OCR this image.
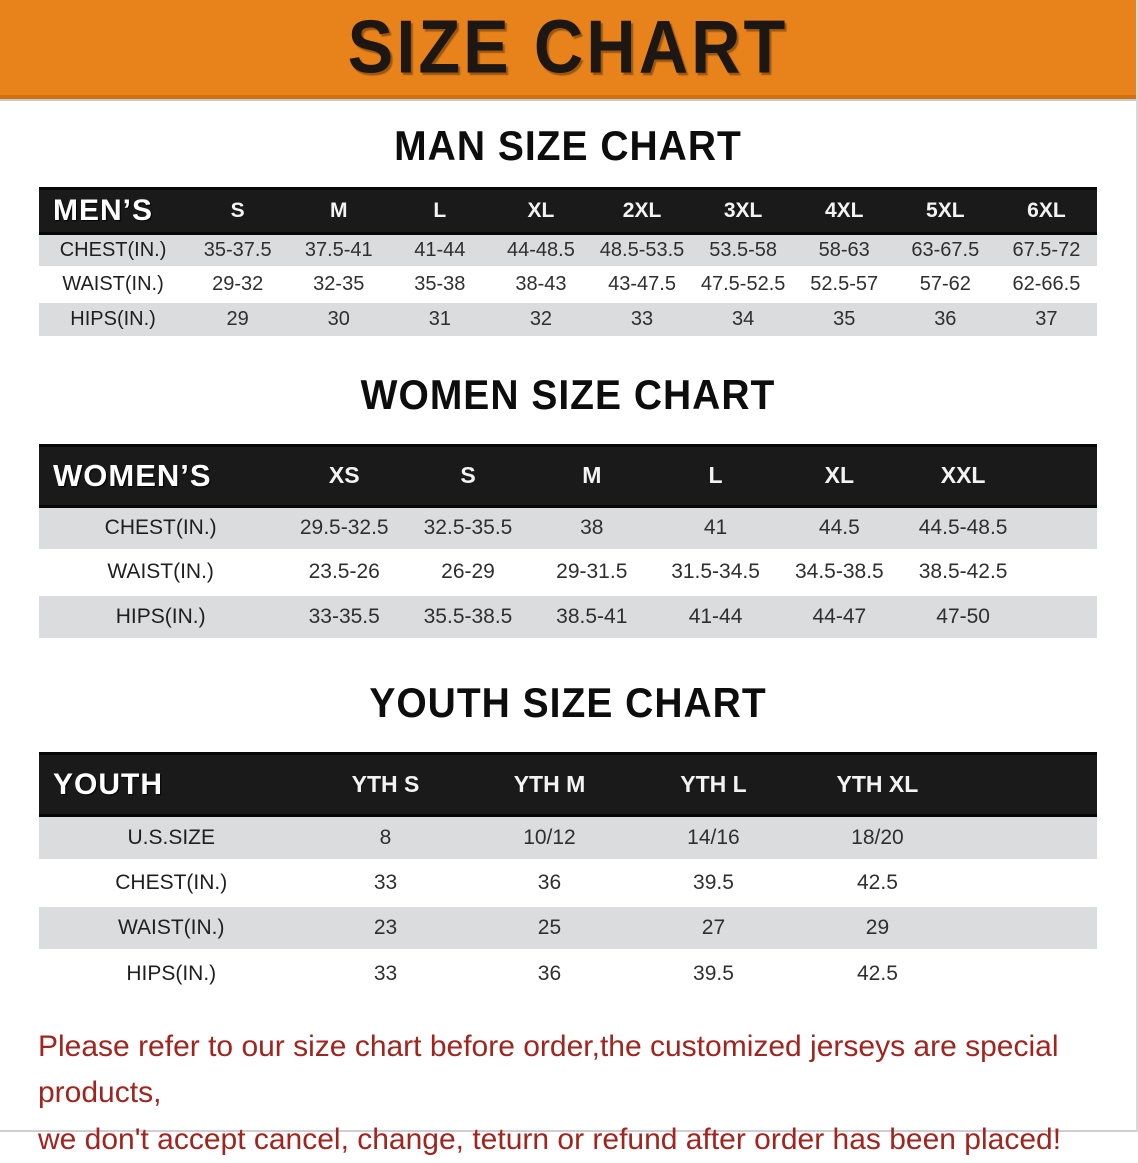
SIZE CHART
MAN SIZE CHART
MEN’S	S	M	L	XL	2XL	3XL	4XL	5XL	6XL
CHEST(IN.)	35-37.5	37.5-41	41-44	44-48.5	48.5-53.5	53.5-58	58-63	63-67.5	67.5-72
WAIST(IN.)	29-32	32-35	35-38	38-43	43-47.5	47.5-52.5	52.5-57	57-62	62-66.5
HIPS(IN.)	29	30	31	32	33	34	35	36	37
WOMEN SIZE CHART
WOMEN’S	XS	S	M	L	XL	XXL	
CHEST(IN.)	29.5-32.5	32.5-35.5	38	41	44.5	44.5-48.5	
WAIST(IN.)	23.5-26	26-29	29-31.5	31.5-34.5	34.5-38.5	38.5-42.5	
HIPS(IN.)	33-35.5	35.5-38.5	38.5-41	41-44	44-47	47-50	
YOUTH SIZE CHART
YOUTH	YTH S	YTH M	YTH L	YTH XL	
U.S.SIZE	8	10/12	14/16	18/20	
CHEST(IN.)	33	36	39.5	42.5	
WAIST(IN.)	23	25	27	29	
HIPS(IN.)	33	36	39.5	42.5	
Please refer to our size chart before order,the customized jerseys are special products,
we don't accept cancel, change, teturn or refund after order has been placed!
